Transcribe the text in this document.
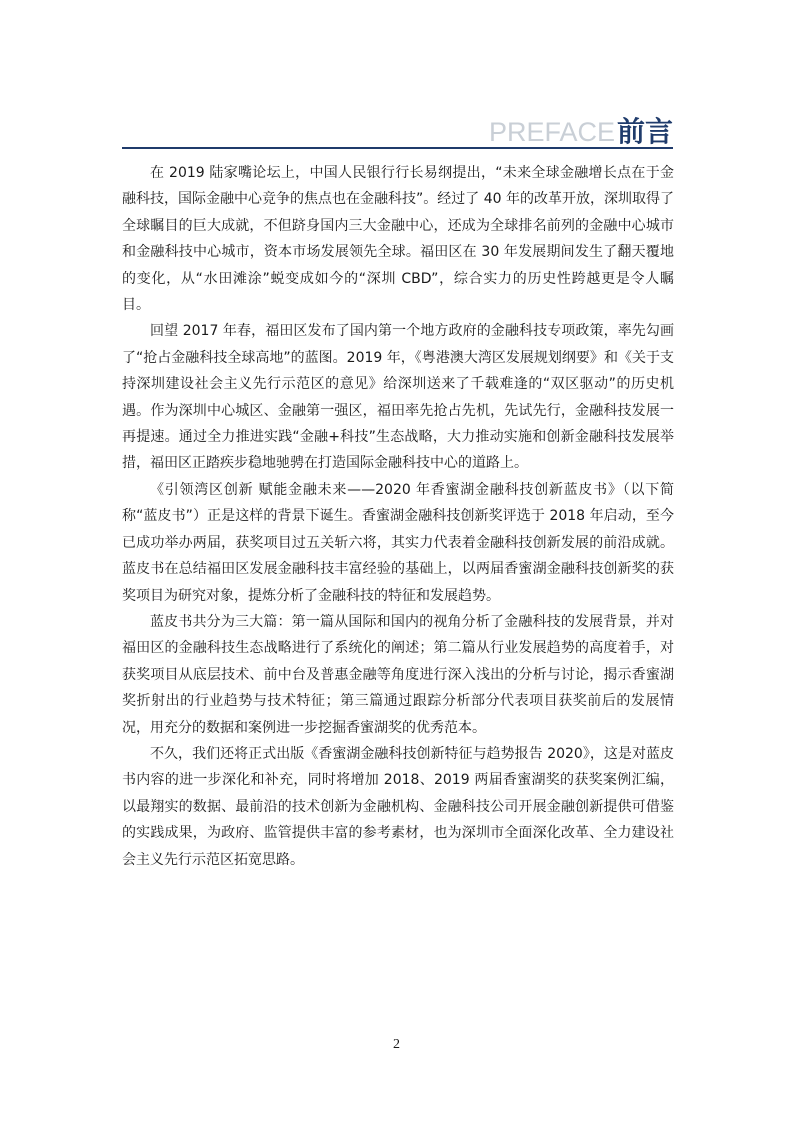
PREFACE前言

在 2019 陆家嘴论坛上，中国人民银行行长易纲提出，“未来全球金融增长点在于金融科技，国际金融中心竞争的焦点也在金融科技”。经过了 40 年的改革开放，深圳取得了全球瞩目的巨大成就，不但跻身国内三大金融中心，还成为全球排名前列的金融中心城市和金融科技中心城市，资本市场发展领先全球。福田区在 30 年发展期间发生了翻天覆地的变化，从“水田滩涂”蜕变成如今的“深圳 CBD”，综合实力的历史性跨越更是令人瞩目。

回望 2017 年春，福田区发布了国内第一个地方政府的金融科技专项政策，率先勾画了“抢占金融科技全球高地”的蓝图。2019 年，《粤港澳大湾区发展规划纲要》和《关于支持深圳建设社会主义先行示范区的意见》给深圳送来了千载难逢的“双区驱动”的历史机遇。作为深圳中心城区、金融第一强区，福田率先抢占先机，先试先行，金融科技发展一再提速。通过全力推进实践“金融+科技”生态战略，大力推动实施和创新金融科技发展举措，福田区正踏疾步稳地驰骋在打造国际金融科技中心的道路上。

《引领湾区创新 赋能金融未来——2020 年香蜜湖金融科技创新蓝皮书》（以下简称“蓝皮书”）正是这样的背景下诞生。香蜜湖金融科技创新奖评选于 2018 年启动，至今已成功举办两届，获奖项目过五关斩六将，其实力代表着金融科技创新发展的前沿成就。蓝皮书在总结福田区发展金融科技丰富经验的基础上，以两届香蜜湖金融科技创新奖的获奖项目为研究对象，提炼分析了金融科技的特征和发展趋势。

蓝皮书共分为三大篇：第一篇从国际和国内的视角分析了金融科技的发展背景，并对福田区的金融科技生态战略进行了系统化的阐述；第二篇从行业发展趋势的高度着手，对获奖项目从底层技术、前中台及普惠金融等角度进行深入浅出的分析与讨论，揭示香蜜湖奖折射出的行业趋势与技术特征；第三篇通过跟踪分析部分代表项目获奖前后的发展情况，用充分的数据和案例进一步挖掘香蜜湖奖的优秀范本。

不久，我们还将正式出版《香蜜湖金融科技创新特征与趋势报告 2020》，这是对蓝皮书内容的进一步深化和补充，同时将增加 2018、2019 两届香蜜湖奖的获奖案例汇编，以最翔实的数据、最前沿的技术创新为金融机构、金融科技公司开展金融创新提供可借鉴的实践成果，为政府、监管提供丰富的参考素材，也为深圳市全面深化改革、全力建设社会主义先行示范区拓宽思路。

2
